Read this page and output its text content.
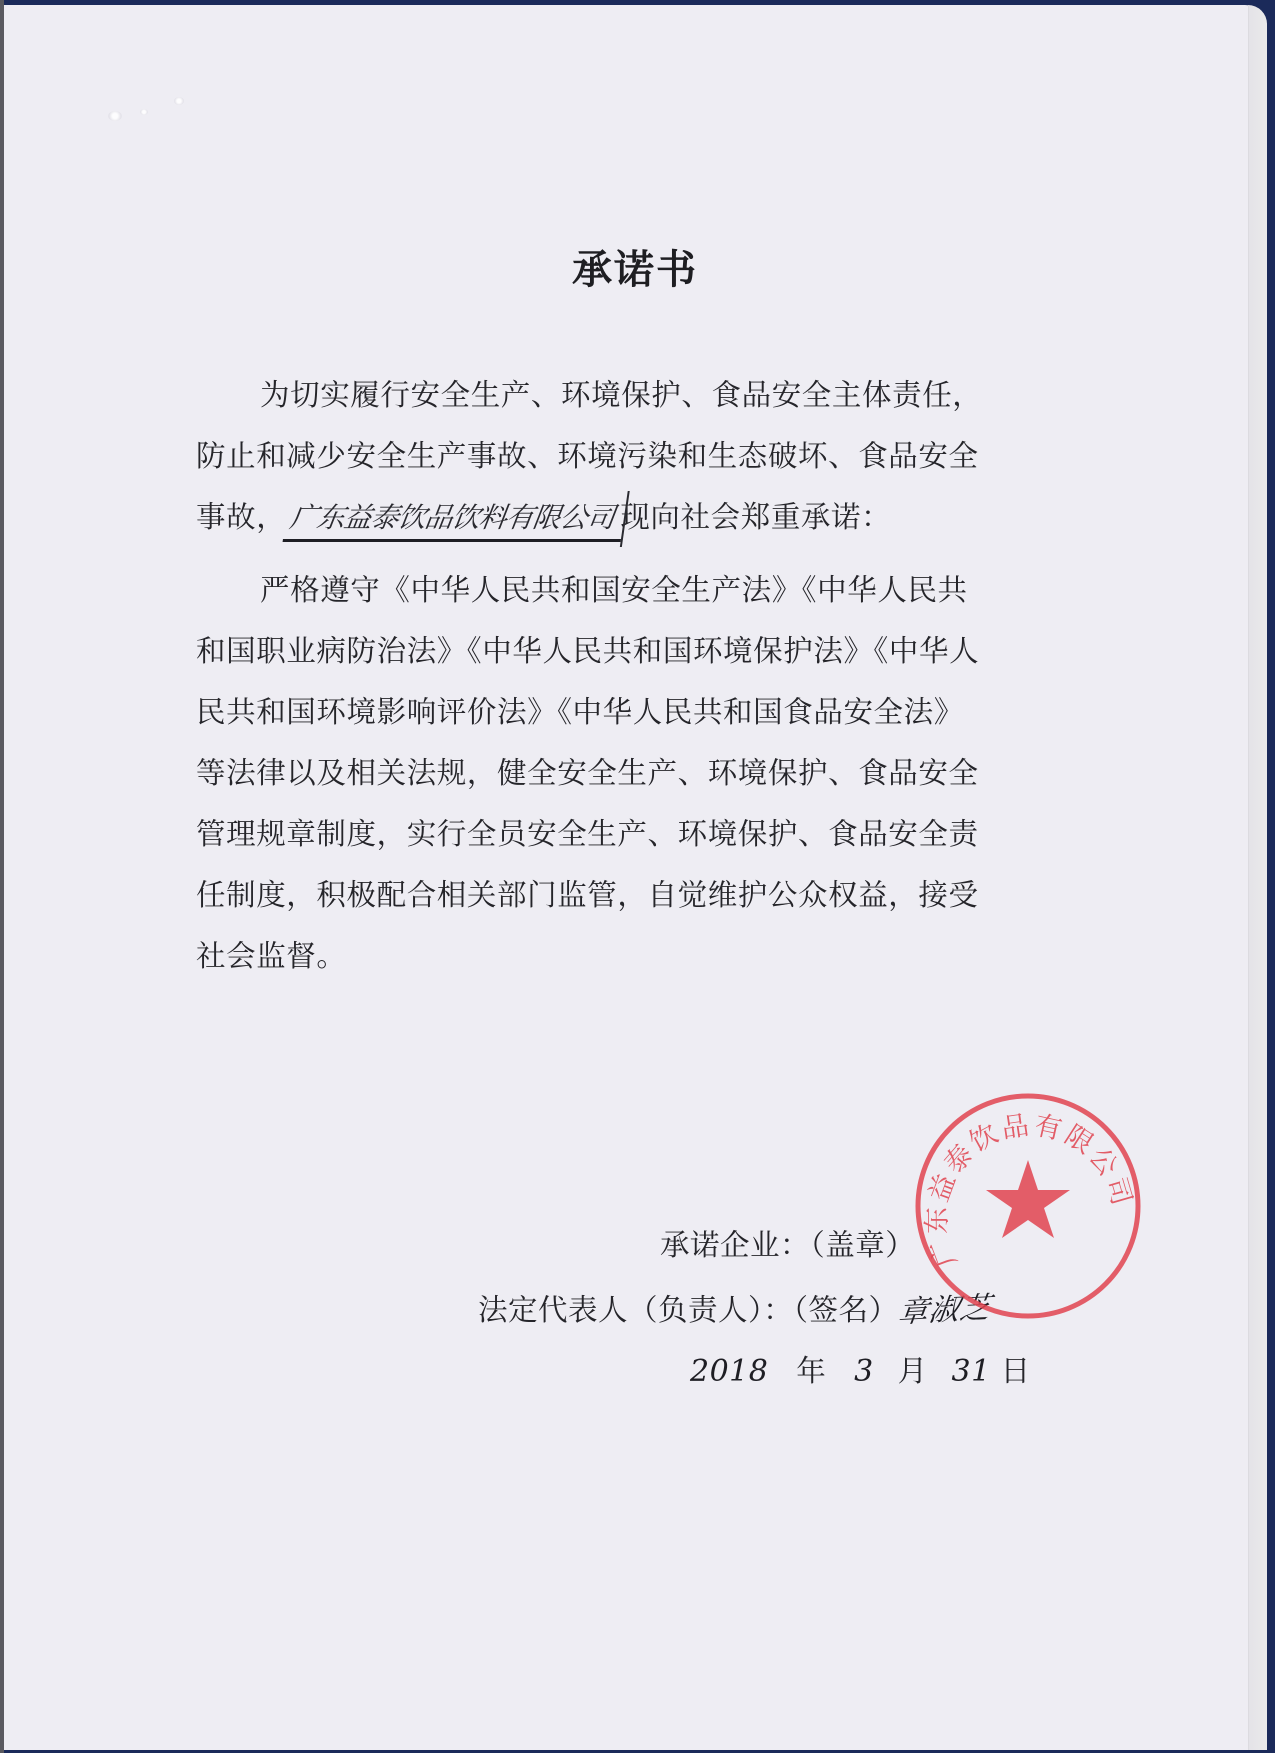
承诺书
为切实履行安全生产、环境保护、食品安全主体责任，
防止和减少安全生产事故、环境污染和生态破坏、食品安全
事故，广东益泰饮品饮料有限公司 现向社会郑重承诺：
严格遵守《中华人民共和国安全生产法》《中华人民共
和国职业病防治法》《中华人民共和国环境保护法》《中华人
民共和国环境影响评价法》《中华人民共和国食品安全法》
等法律以及相关法规，健全安全生产、环境保护、食品安全
管理规章制度，实行全员安全生产、环境保护、食品安全责
任制度，积极配合相关部门监管，自觉维护公众权益，接受
社会监督。
承诺企业：（盖章）
法定代表人（负责人）：（签名）章淑芝
2018 年 3 月 31 日
广东益泰饮品有限公司
